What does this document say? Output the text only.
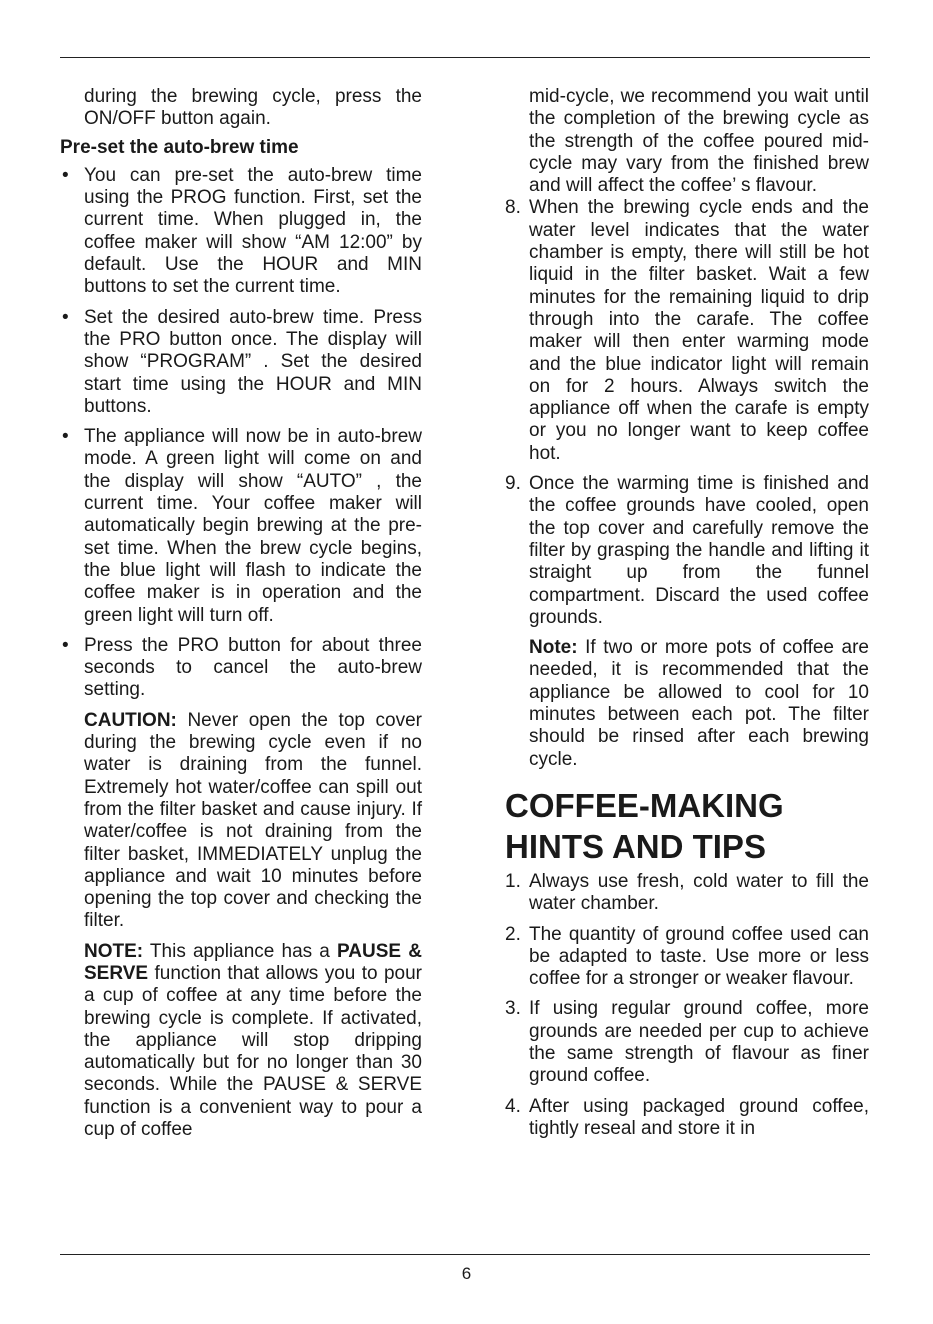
during the brewing cycle, press the ON/OFF button again.

Pre-set the auto-brew time

• You can pre-set the auto-brew time using the PROG function. First, set the current time. When plugged in, the coffee maker will show “AM 12:00” by default. Use the HOUR and MIN buttons to set the current time.
• Set the desired auto-brew time. Press the PRO button once. The display will show “PROGRAM” . Set the desired start time using the HOUR and MIN buttons.
• The appliance will now be in auto-brew mode. A green light will come on and the display will show “AUTO” , the current time. Your coffee maker will automatically begin brewing at the pre-set time. When the brew cycle begins, the blue light will flash to indicate the coffee maker is in operation and the green light will turn off.
• Press the PRO button for about three seconds to cancel the auto-brew setting.

CAUTION: Never open the top cover during the brewing cycle even if no water is draining from the funnel. Extremely hot water/coffee can spill out from the filter basket and cause injury. If water/coffee is not draining from the filter basket, IMMEDIATELY unplug the appliance and wait 10 minutes before opening the top cover and checking the filter.

NOTE: This appliance has a PAUSE & SERVE function that allows you to pour a cup of coffee at any time before the brewing cycle is complete. If activated, the appliance will stop dripping automatically but for no longer than 30 seconds. While the PAUSE & SERVE function is a convenient way to pour a cup of coffee

mid-cycle, we recommend you wait until the completion of the brewing cycle as the strength of the coffee poured mid-cycle may vary from the finished brew and will affect the coffee’ s flavour.

8. When the brewing cycle ends and the water level indicates that the water chamber is empty, there will still be hot liquid in the filter basket. Wait a few minutes for the remaining liquid to drip through into the carafe. The coffee maker will then enter warming mode and the blue indicator light will remain on for 2 hours. Always switch the appliance off when the carafe is empty or you no longer want to keep coffee hot.
9. Once the warming time is finished and the coffee grounds have cooled, open the top cover and carefully remove the filter by grasping the handle and lifting it straight up from the funnel compartment. Discard the used coffee grounds.

Note: If two or more pots of coffee are needed, it is recommended that the appliance be allowed to cool for 10 minutes between each pot. The filter should be rinsed after each brewing cycle.

COFFEE-MAKING
HINTS AND TIPS
1. Always use fresh, cold water to fill the water chamber.
2. The quantity of ground coffee used can be adapted to taste. Use more or less coffee for a stronger or weaker flavour.
3. If using regular ground coffee, more grounds are needed per cup to achieve the same strength of flavour as finer ground coffee.
4. After using packaged ground coffee, tightly reseal and store it in
6
